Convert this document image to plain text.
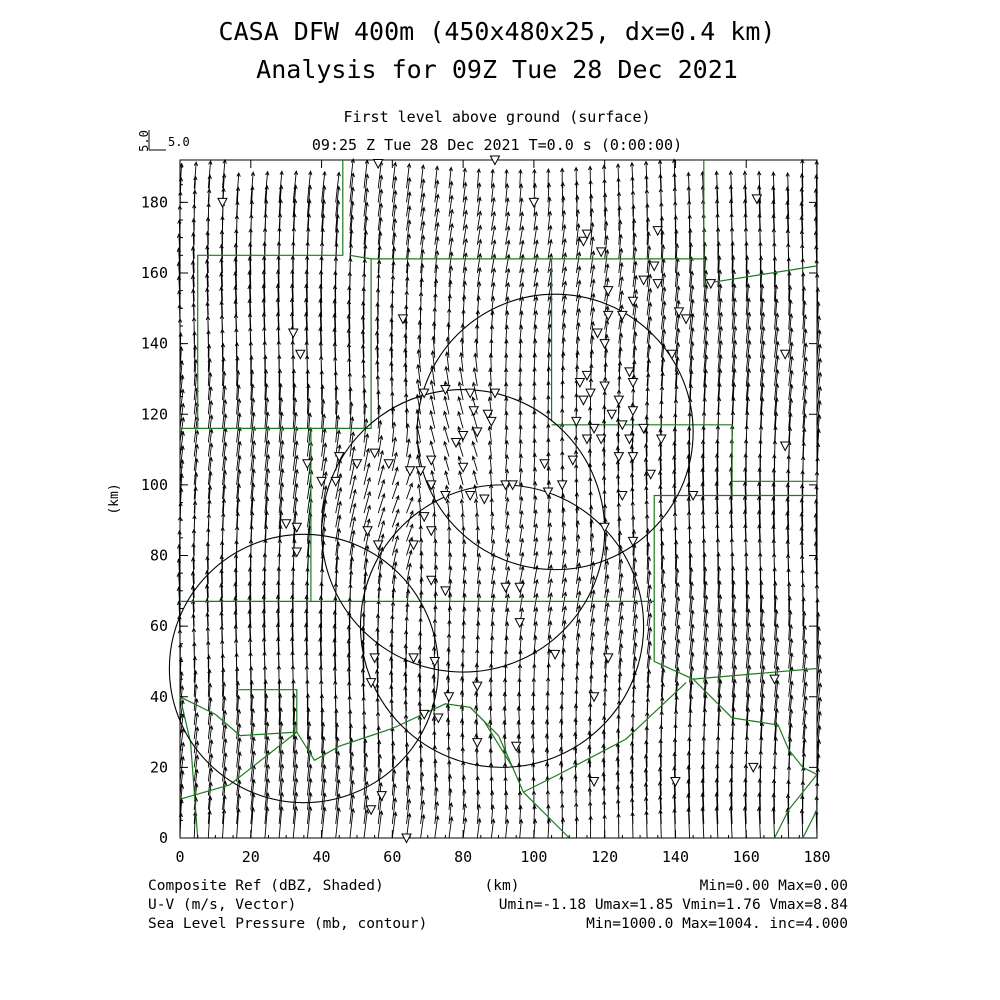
CASA DFW 400m (450x480x25, dx=0.4 km)
Analysis for 09Z Tue 28 Dec 2021
First level above ground (surface)
09:25 Z Tue 28 Dec 2021 T=0.0 s (0:00:00)
5.0 5.0
0	20	40	60	80	100	120	140	160	180
0
20
40
60
80
100
120
140
160
180
(km)
Composite Ref (dBZ, Shaded)
U-V (m/s, Vector)
Sea Level Pressure (mb, contour)
(km)	Min=0.00 Max=0.00
Umin=-1.18 Umax=1.85 Vmin=1.76 Vmax=8.84
Min=1000.0 Max=1004. inc=4.000
